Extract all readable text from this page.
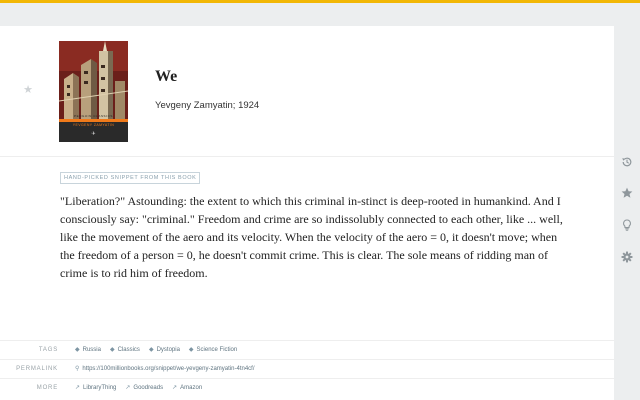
★
YEVGENY ZAMYATIN
PENGUIN CLASSICS
✈
We
Yevgeny Zamyatin; 1924
HAND-PICKED SNIPPET FROM THIS BOOK
"Liberation?" Astounding: the extent to which this criminal in-stinct is deep-rooted in humankind. And I consciously say: "criminal." Freedom and crime are so indissolubly connected to each other, like ... well, like the movement of the aero and its velocity. When the velocity of the aero = 0, it doesn't move; when the freedom of a person = 0, he doesn't commit crime. This is clear. The sole means of ridding man of crime is to rid him of freedom.
TAGS	◆ Russia ◆ Classics ◆ Dystopia ◆ Science Fiction
PERMALINK	⚲ https://100millionbooks.org/snippet/we-yevgeny-zamyatin-4tn4cf/
MORE	↗ LibraryThing ↗ Goodreads ↗ Amazon
